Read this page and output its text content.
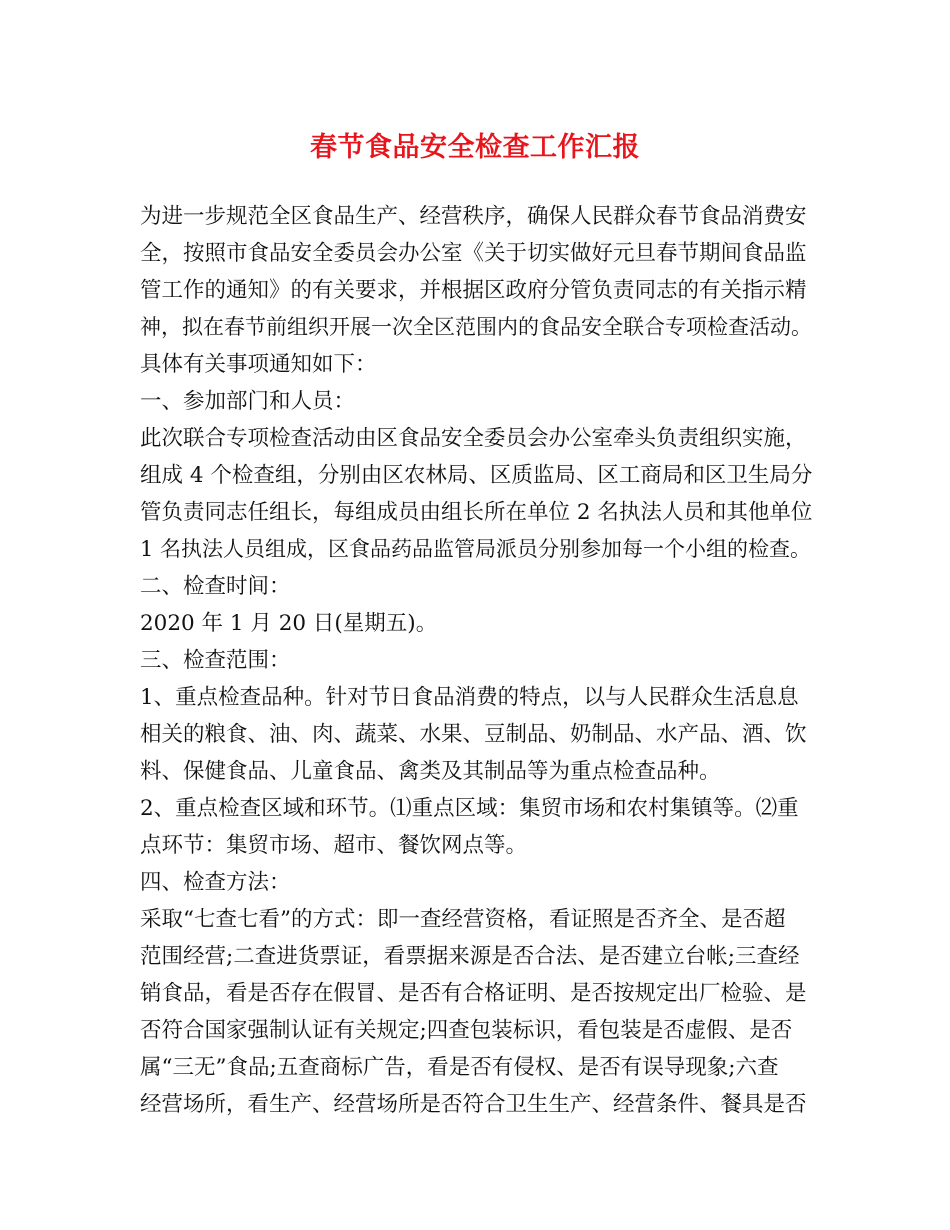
春节食品安全检查工作汇报
为进一步规范全区食品生产、经营秩序，确保人民群众春节食品消费安
全，按照市食品安全委员会办公室《关于切实做好元旦春节期间食品监
管工作的通知》的有关要求，并根据区政府分管负责同志的有关指示精
神，拟在春节前组织开展一次全区范围内的食品安全联合专项检查活动。
具体有关事项通知如下：
一、参加部门和人员：
此次联合专项检查活动由区食品安全委员会办公室牵头负责组织实施，
组成 4 个检查组，分别由区农林局、区质监局、区工商局和区卫生局分
管负责同志任组长，每组成员由组长所在单位 2 名执法人员和其他单位
1 名执法人员组成，区食品药品监管局派员分别参加每一个小组的检查。
二、检查时间：
2020 年 1 月 20 日(星期五)。
三、检查范围：
1、重点检查品种。针对节日食品消费的特点，以与人民群众生活息息
相关的粮食、油、肉、蔬菜、水果、豆制品、奶制品、水产品、酒、饮
料、保健食品、儿童食品、禽类及其制品等为重点检查品种。
2、重点检查区域和环节。⑴重点区域：集贸市场和农村集镇等。⑵重
点环节：集贸市场、超市、餐饮网点等。
四、检查方法：
采取“七查七看”的方式：即一查经营资格，看证照是否齐全、是否超
范围经营;二查进货票证，看票据来源是否合法、是否建立台帐;三查经
销食品，看是否存在假冒、是否有合格证明、是否按规定出厂检验、是
否符合国家强制认证有关规定;四查包装标识，看包装是否虚假、是否
属“三无”食品;五查商标广告，看是否有侵权、是否有误导现象;六查
经营场所，看生产、经营场所是否符合卫生生产、经营条件、餐具是否
